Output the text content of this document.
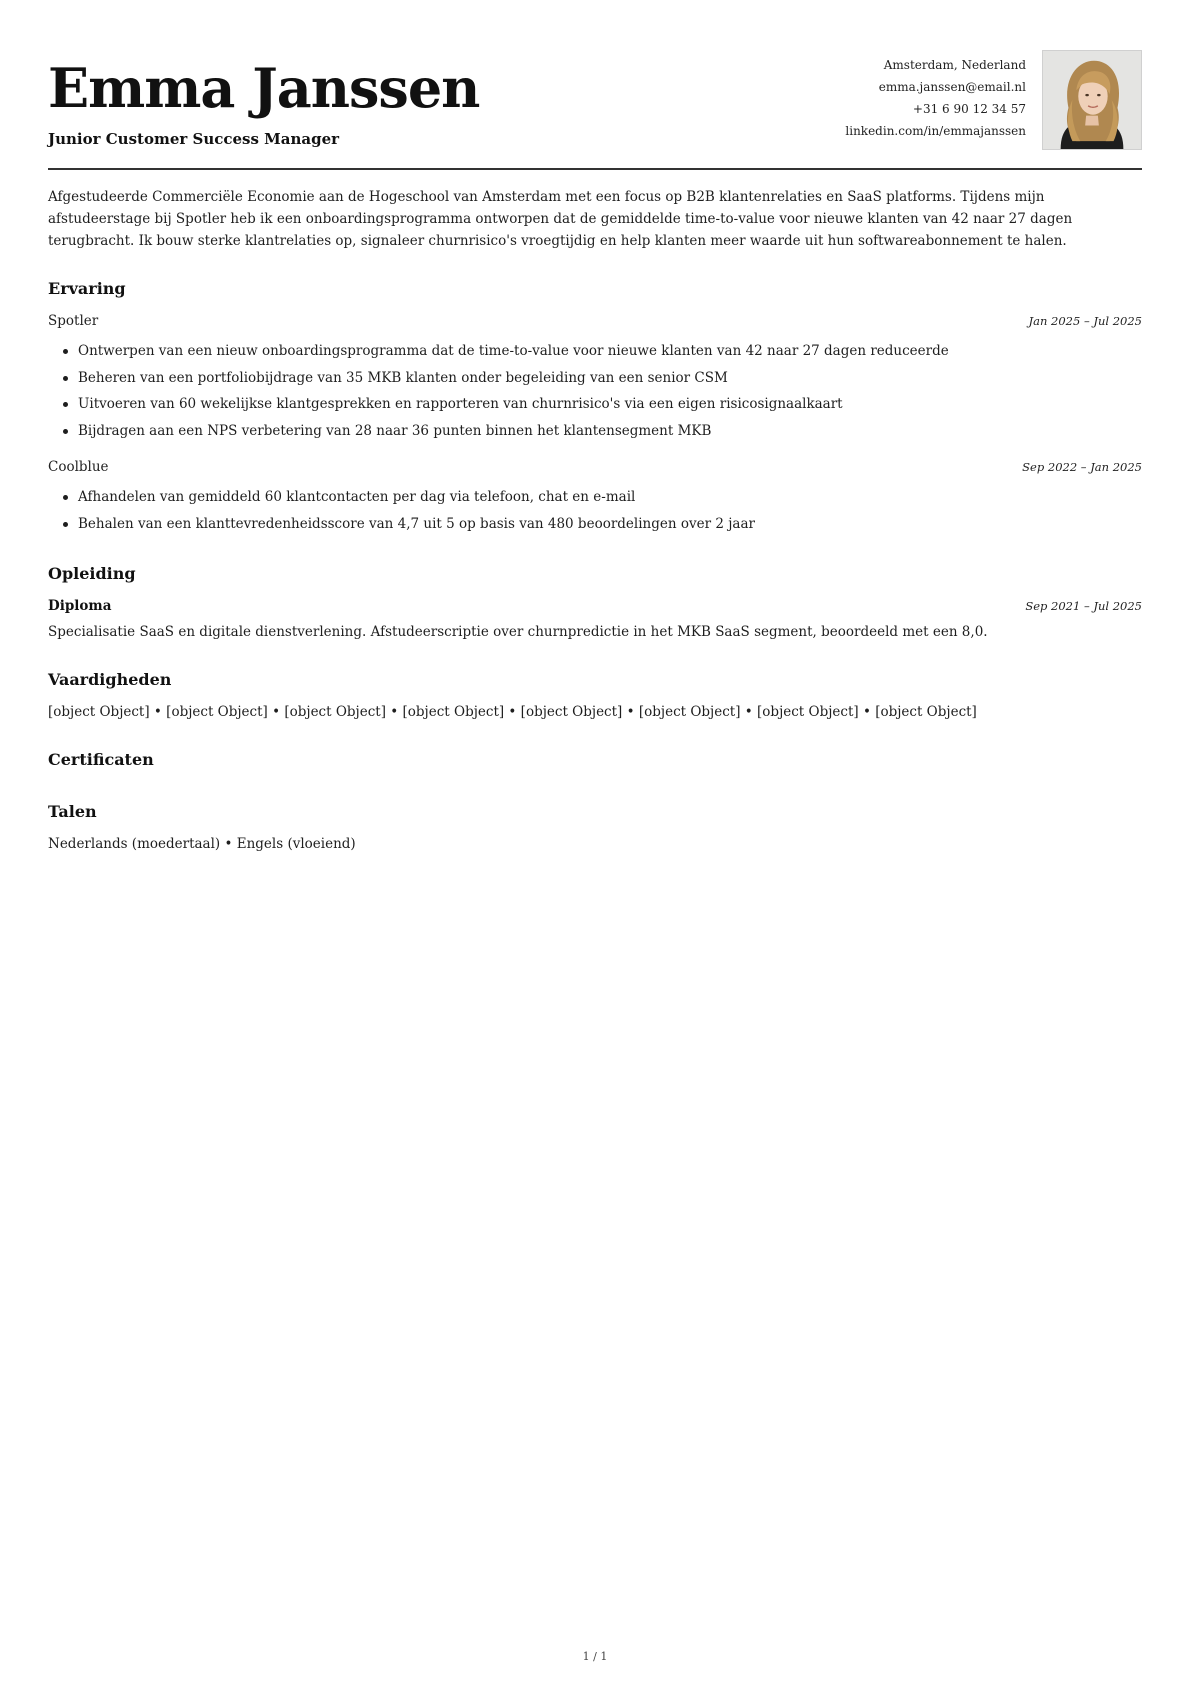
Emma Janssen
Junior Customer Success Manager
Amsterdam, Nederland
emma.janssen@email.nl
+31 6 90 12 34 57
linkedin.com/in/emmajanssen

Afgestudeerde Commerciële Economie aan de Hogeschool van Amsterdam met een focus op B2B klantenrelaties en SaaS platforms. Tijdens mijn afstudeerstage bij Spotler heb ik een onboardingsprogramma ontworpen dat de gemiddelde time-to-value voor nieuwe klanten van 42 naar 27 dagen terugbracht. Ik bouw sterke klantrelaties op, signaleer churnrisico's vroegtijdig en help klanten meer waarde uit hun softwareabonnement te halen.

Ervaring
Spotler	Jan 2025 – Jul 2025
Ontwerpen van een nieuw onboardingsprogramma dat de time-to-value voor nieuwe klanten van 42 naar 27 dagen reduceerde
Beheren van een portfoliobijdrage van 35 MKB klanten onder begeleiding van een senior CSM
Uitvoeren van 60 wekelijkse klantgesprekken en rapporteren van churnrisico's via een eigen risicosignaalkaart
Bijdragen aan een NPS verbetering van 28 naar 36 punten binnen het klantensegment MKB
Coolblue	Sep 2022 – Jan 2025
Afhandelen van gemiddeld 60 klantcontacten per dag via telefoon, chat en e-mail
Behalen van een klanttevredenheidsscore van 4,7 uit 5 op basis van 480 beoordelingen over 2 jaar
Opleiding
Diploma	Sep 2021 – Jul 2025
Specialisatie SaaS en digitale dienstverlening. Afstudeerscriptie over churnpredictie in het MKB SaaS segment, beoordeeld met een 8,0.
Vaardigheden
[object Object] • [object Object] • [object Object] • [object Object] • [object Object] • [object Object] • [object Object] • [object Object]
Certificaten
Talen
Nederlands (moedertaal) • Engels (vloeiend)
1 / 1
